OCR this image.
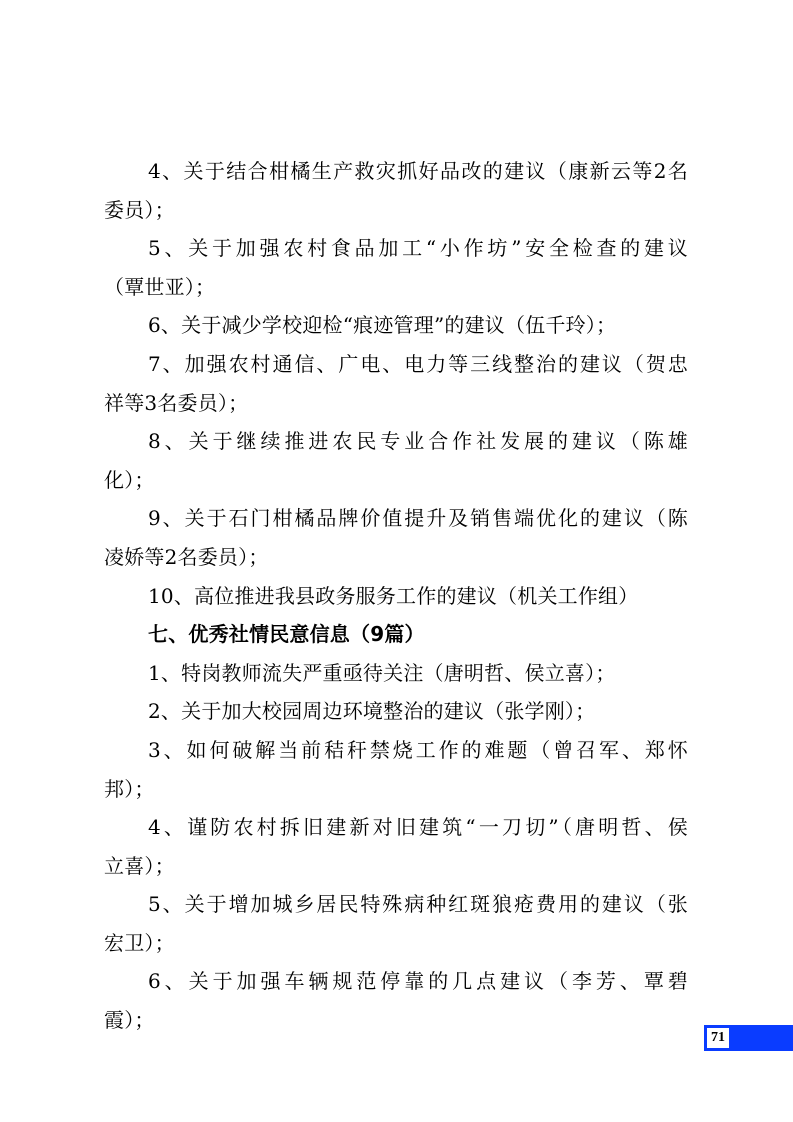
4、关于结合柑橘生产救灾抓好品改的建议（康新云等2名
委员）；
5、关于加强农村食品加工“小作坊”安全检查的建议
（覃世亚）；
6、关于减少学校迎检“痕迹管理”的建议（伍千玲）；
7、加强农村通信、广电、电力等三线整治的建议（贺忠
祥等3名委员）；
8、关于继续推进农民专业合作社发展的建议（陈雄
化）；
9、关于石门柑橘品牌价值提升及销售端优化的建议（陈
凌娇等2名委员）；
10、高位推进我县政务服务工作的建议（机关工作组）
七、优秀社情民意信息（9篇）
1、特岗教师流失严重亟待关注（唐明哲、侯立喜）；
2、关于加大校园周边环境整治的建议（张学刚）；
3、如何破解当前秸秆禁烧工作的难题（曾召军、郑怀
邦）；
4、谨防农村拆旧建新对旧建筑“一刀切”（唐明哲、侯
立喜）；
5、关于增加城乡居民特殊病种红斑狼疮费用的建议（张
宏卫）；
6、关于加强车辆规范停靠的几点建议（李芳、覃碧
霞）；
71
